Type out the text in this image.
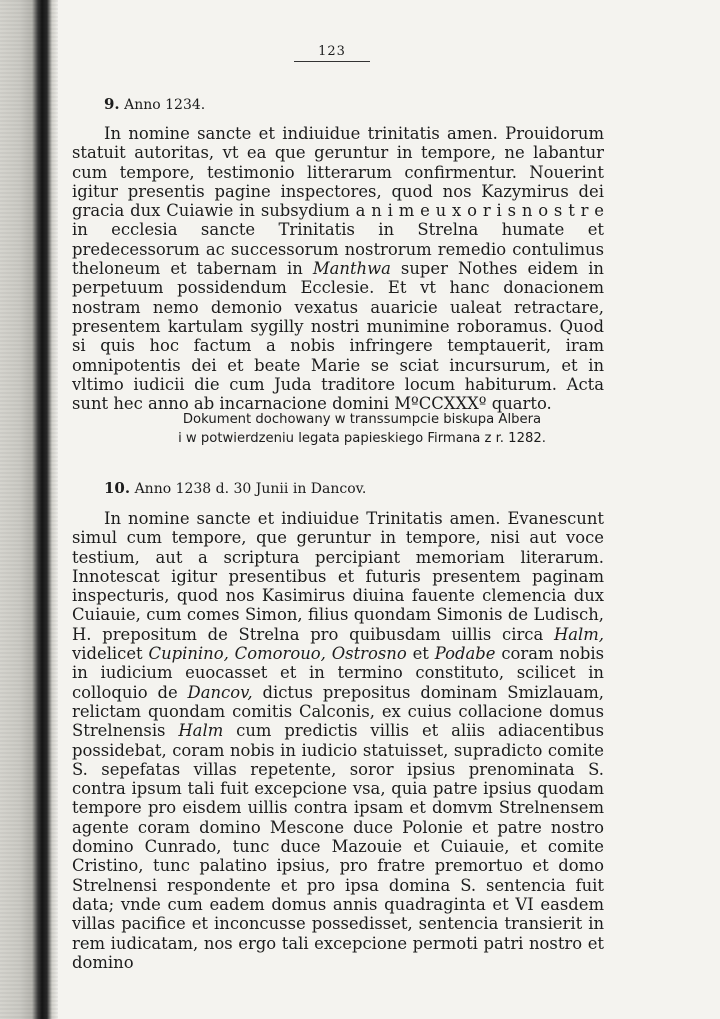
123
9. Anno 1234.

In nomine sancte et indiuidue trinitatis amen. Prouidorum statuit autoritas, vt ea que geruntur in tempore, ne labantur cum tempore, testimonio litterarum confirmentur. Nouerint igitur presentis pagine inspectores, quod nos Kazymirus dei gracia dux Cuiawie in subsydium a n i m e u x o r i s n o s t r e in ecclesia sancte Trinitatis in Strelna humate et predecessorum ac successorum nostrorum remedio contulimus theloneum et tabernam in Manthwa super Nothes eidem in perpetuum possidendum Ecclesie. Et vt hanc donacionem nostram nemo demonio vexatus auaricie ualeat retractare, presentem kartulam sygilly nostri munimine roboramus. Quod si quis hoc factum a nobis infringere temptauerit, iram omnipotentis dei et beate Marie se sciat incursurum, et in vltimo iudicii die cum Juda traditore locum habiturum. Acta sunt hec anno ab incarnacione domini MºCCXXXº quarto.

Dokument dochowany w transsumpcie biskupa Albera
i w potwierdzeniu legata papieskiego Firmana z r. 1282.
10. Anno 1238 d. 30 Junii in Dancov.

In nomine sancte et indiuidue Trinitatis amen. Evanescunt simul cum tempore, que geruntur in tempore, nisi aut voce testium, aut a scriptura percipiant memoriam literarum. Innotescat igitur presentibus et futuris presentem paginam inspecturis, quod nos Kasimirus diuina fauente clemencia dux Cuiauie, cum comes Simon, filius quondam Simonis de Ludisch, H. prepositum de Strelna pro quibusdam uillis circa Halm, videlicet Cupinino, Comorouo, Ostrosno et Podabe coram nobis in iudicium euocasset et in termino constituto, scilicet in colloquio de Dancov, dictus prepositus dominam Smizlauam, relictam quondam comitis Calconis, ex cuius collacione domus Strelnensis Halm cum predictis villis et aliis adiacentibus possidebat, coram nobis in iudicio statuisset, supradicto comite S. sepefatas villas repetente, soror ipsius prenominata S. contra ipsum tali fuit excepcione vsa, quia patre ipsius quodam tempore pro eisdem uillis contra ipsam et domvm Strelnensem agente coram domino Mescone duce Polonie et patre nostro domino Cunrado, tunc duce Mazouie et Cuiauie, et comite Cristino, tunc palatino ipsius, pro fratre premortuo et domo Strelnensi respondente et pro ipsa domina S. sentencia fuit data; vnde cum eadem domus annis quadraginta et VI easdem villas pacifice et inconcusse possedisset, sentencia transierit in rem iudicatam, nos ergo tali excepcione permoti patri nostro et domino
